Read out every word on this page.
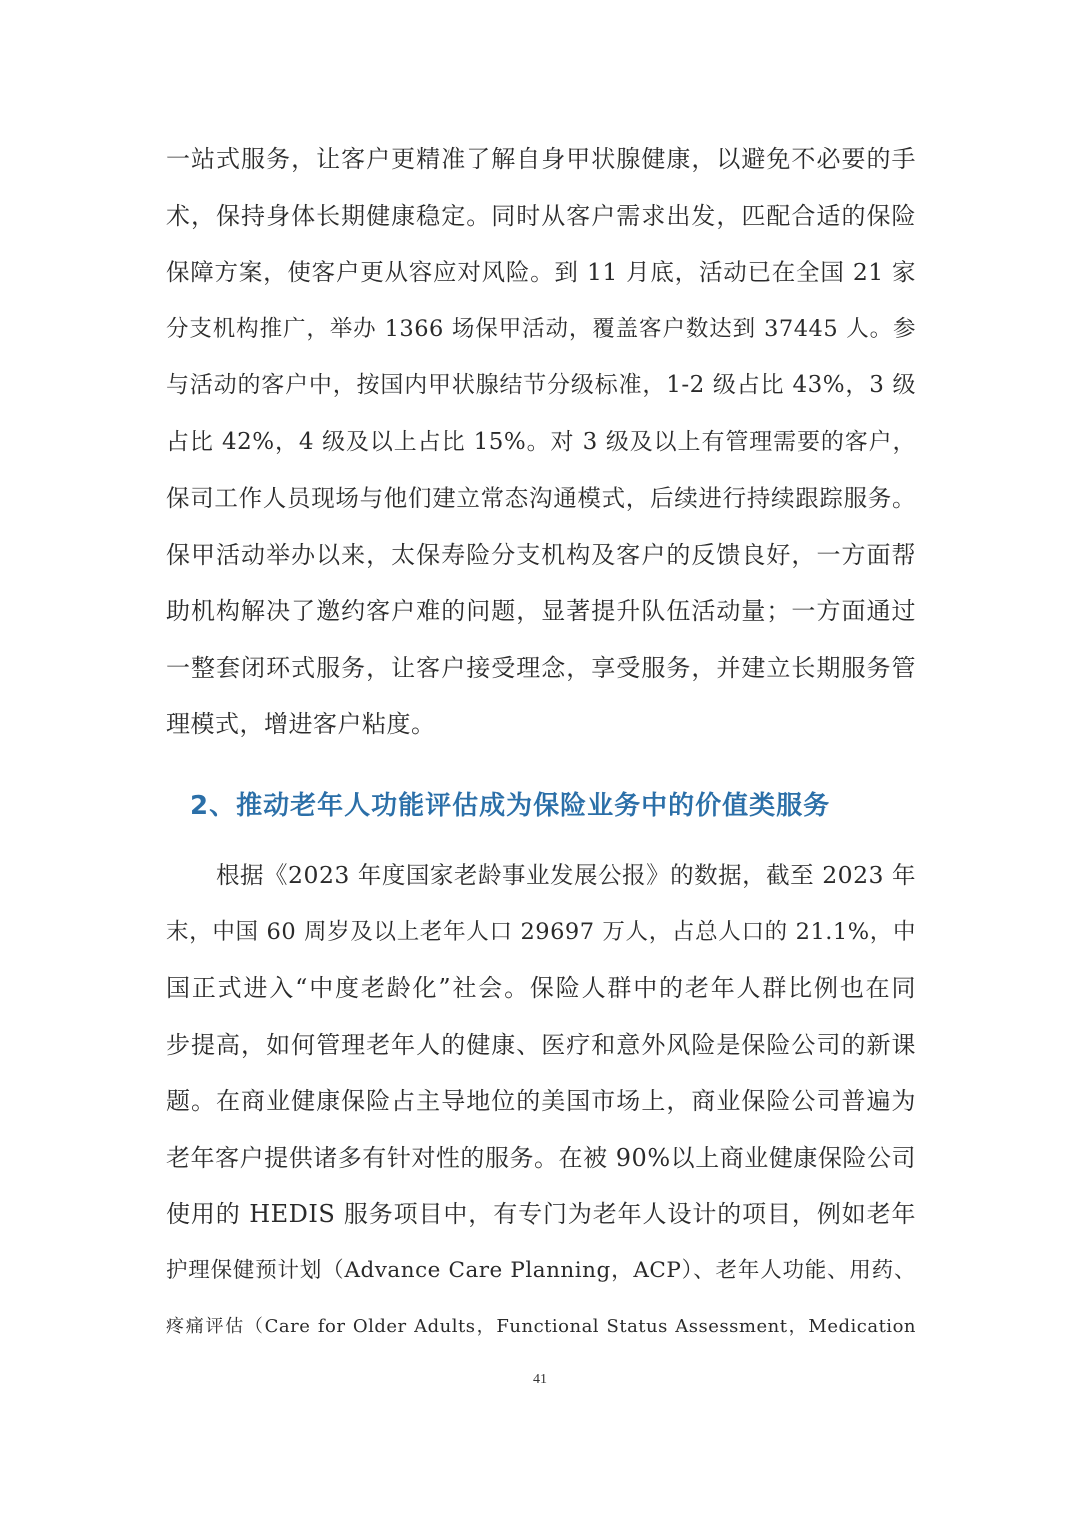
一站式服务，让客户更精准了解自身甲状腺健康，以避免不必要的手
术，保持身体长期健康稳定。同时从客户需求出发，匹配合适的保险
保障方案，使客户更从容应对风险。到 11 月底，活动已在全国 21 家
分支机构推广，举办 1366 场保甲活动，覆盖客户数达到 37445 人。参
与活动的客户中，按国内甲状腺结节分级标准，1-2 级占比 43%，3 级
占比 42%，4 级及以上占比 15%。对 3 级及以上有管理需要的客户，
保司工作人员现场与他们建立常态沟通模式，后续进行持续跟踪服务。
保甲活动举办以来，太保寿险分支机构及客户的反馈良好，一方面帮
助机构解决了邀约客户难的问题，显著提升队伍活动量；一方面通过
一整套闭环式服务，让客户接受理念，享受服务，并建立长期服务管
理模式，增进客户粘度。
2、推动老年人功能评估成为保险业务中的价值类服务
根据《2023 年度国家老龄事业发展公报》的数据，截至 2023 年
末，中国 60 周岁及以上老年人口 29697 万人，占总人口的 21.1%，中
国正式进入“中度老龄化”社会。保险人群中的老年人群比例也在同
步提高，如何管理老年人的健康、医疗和意外风险是保险公司的新课
题。在商业健康保险占主导地位的美国市场上，商业保险公司普遍为
老年客户提供诸多有针对性的服务。在被 90%以上商业健康保险公司
使用的 HEDIS 服务项目中，有专门为老年人设计的项目，例如老年
护理保健预计划（Advance Care Planning，ACP）、老年人功能、用药、
疼痛评估（Care for Older Adults，Functional Status Assessment，Medication
41
